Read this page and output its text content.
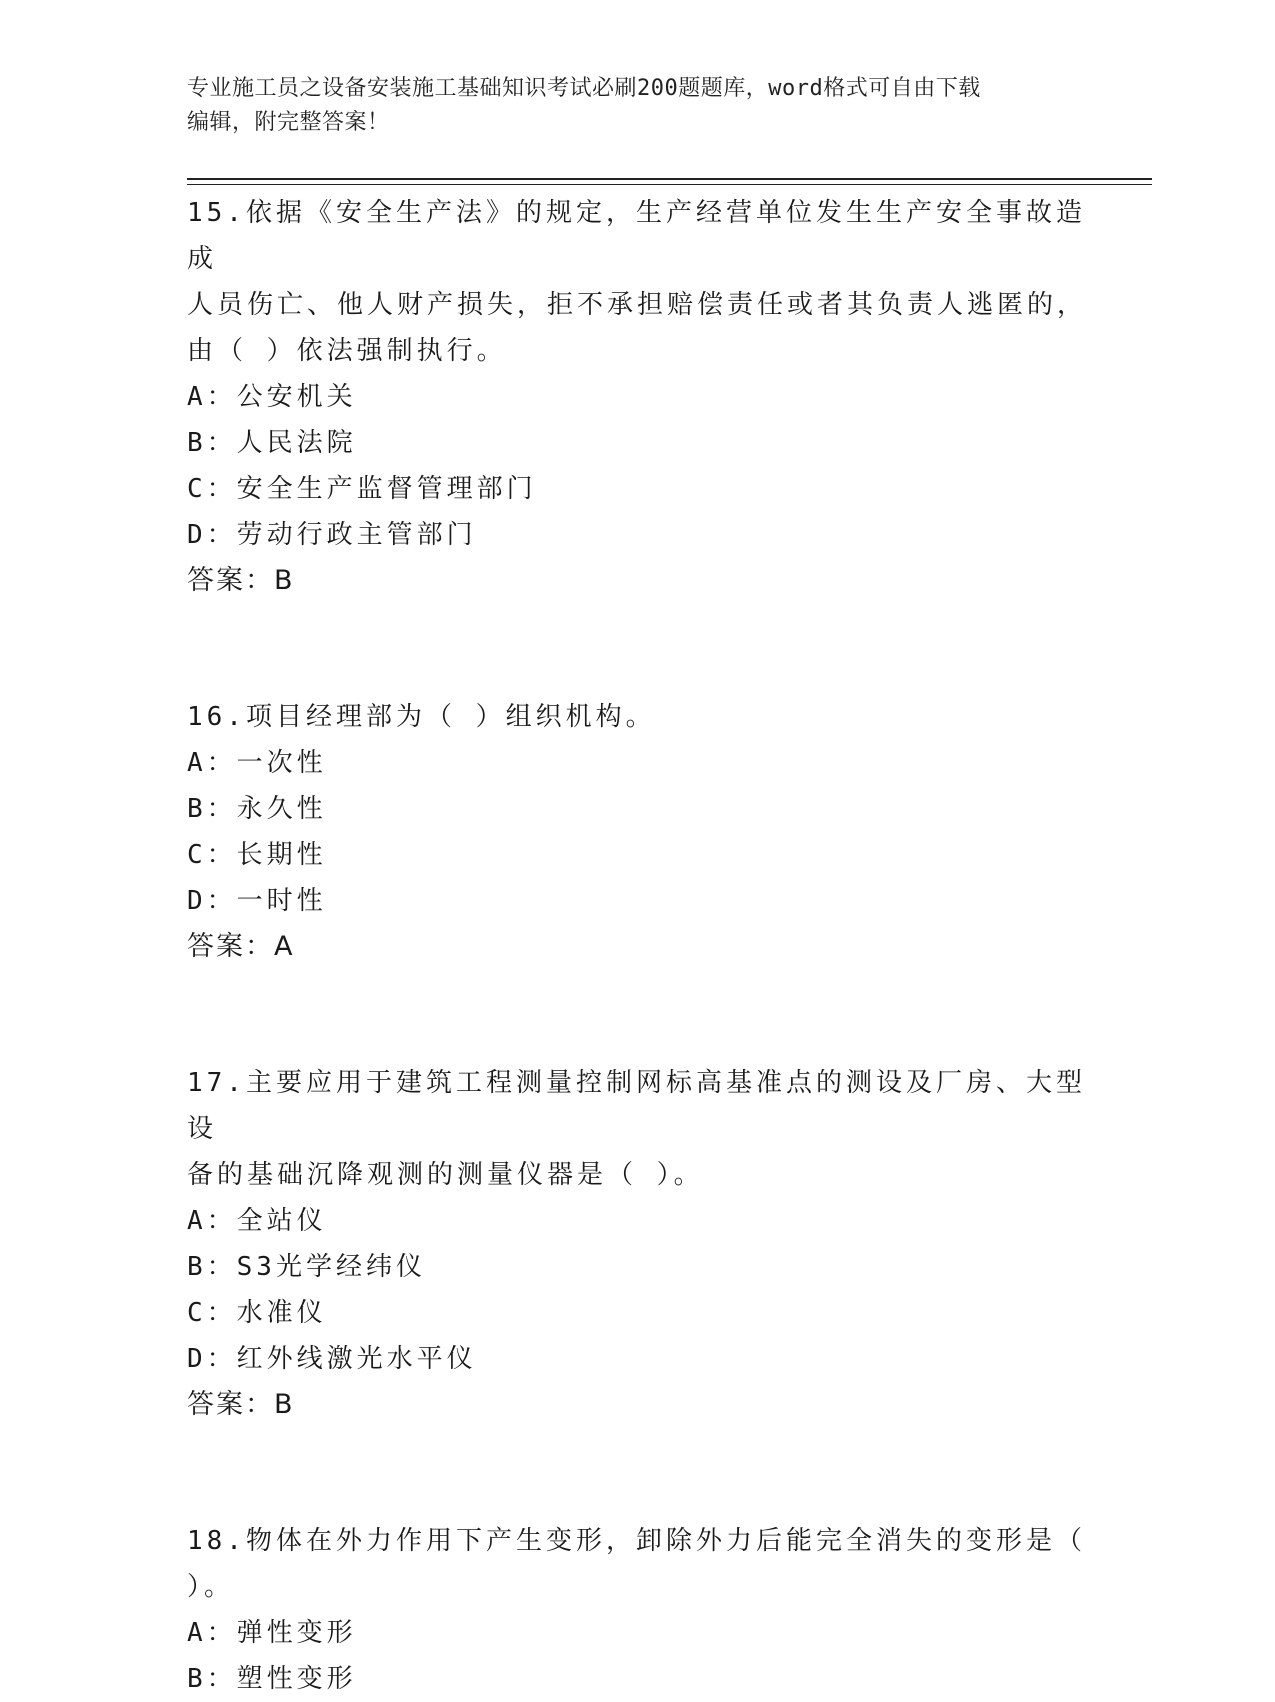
专业施工员之设备安装施工基础知识考试必刷200题题库，word格式可自由下载
编辑，附完整答案！

15.依据《安全生产法》的规定，生产经营单位发生生产安全事故造成

人员伤亡、他人财产损失，拒不承担赔偿责任或者其负责人逃匿的，

由（ ）依法强制执行。

A：公安机关

B：人民法院

C：安全生产监督管理部门

D：劳动行政主管部门

答案：B

16.项目经理部为（ ）组织机构。

A：一次性

B：永久性

C：长期性

D：一时性

答案：A

17.主要应用于建筑工程测量控制网标高基准点的测设及厂房、大型设

备的基础沉降观测的测量仪器是（ ）。

A：全站仪

B：S3光学经纬仪

C：水准仪

D：红外线激光水平仪

答案：B

18.物体在外力作用下产生变形，卸除外力后能完全消失的变形是（

）。

A：弹性变形

B：塑性变形
